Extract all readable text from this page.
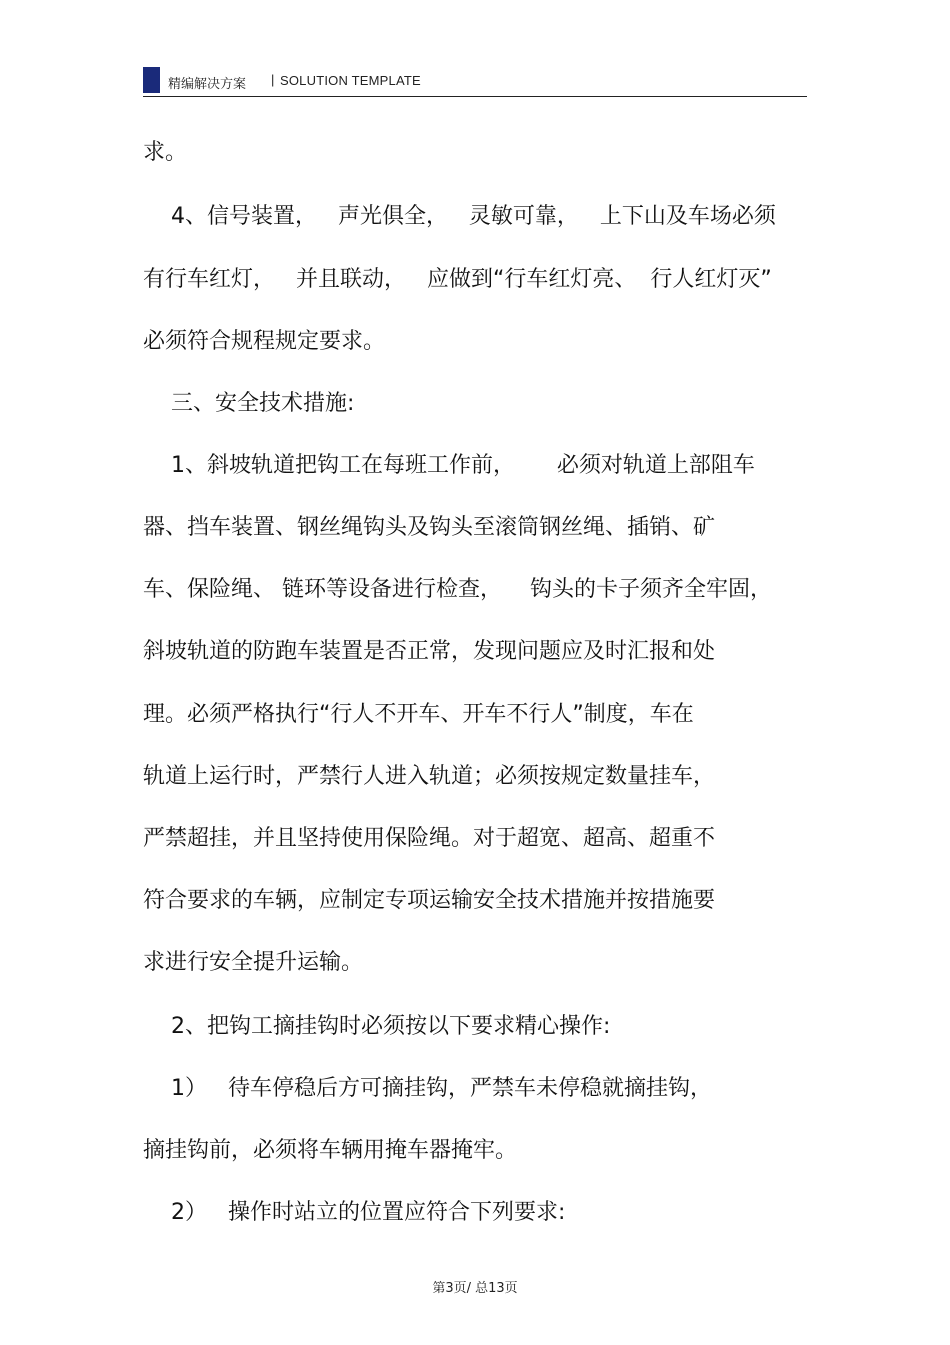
精编解决方案 | SOLUTION TEMPLATE
求。
4、信号装置，   声光俱全，   灵敏可靠，   上下山及车场必须
有行车红灯，   并且联动，   应做到“行车红灯亮、  行人红灯灭”
必须符合规程规定要求。
三、安全技术措施:
1、斜坡轨道把钩工在每班工作前，      必须对轨道上部阻车
器、挡车装置、钢丝绳钩头及钩头至滚筒钢丝绳、插销、矿
车、保险绳、 链环等设备进行检查，    钩头的卡子须齐全牢固，
斜坡轨道的防跑车装置是否正常，发现问题应及时汇报和处
理。必须严格执行“行人不开车、开车不行人”制度，车在
轨道上运行时，严禁行人进入轨道；必须按规定数量挂车，
严禁超挂，并且坚持使用保险绳。对于超宽、超高、超重不
符合要求的车辆，应制定专项运输安全技术措施并按措施要
求进行安全提升运输。
2、把钩工摘挂钩时必须按以下要求精心操作:
1）   待车停稳后方可摘挂钩，严禁车未停稳就摘挂钩，
摘挂钩前，必须将车辆用掩车器掩牢。
2）   操作时站立的位置应符合下列要求:
第3页/ 总13页
